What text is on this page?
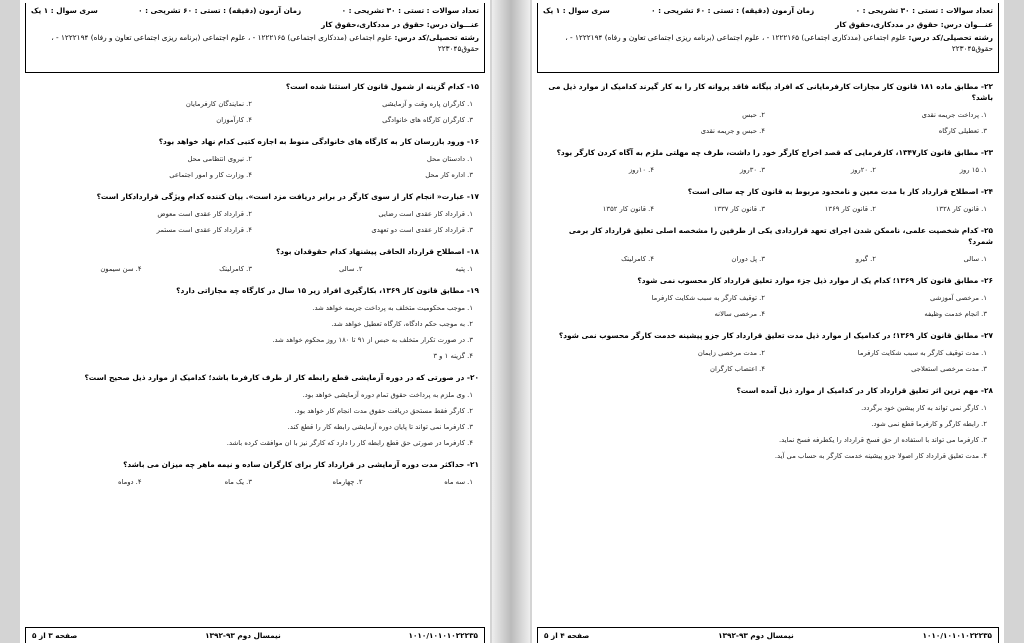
تعداد سوالات : تستی : ۳۰ تشریحی : ۰
زمان آزمون (دقیقه) : تستی : ۶۰ تشریحی : ۰
سری سوال : ۱ یک
عنـــوان درس: حقوق در مددکاری،حقوق کار
رشته تحصیلی/کد درس: علوم اجتماعی (مددکاری اجتماعی) ۱۲۲۲۱۶۵ - ، علوم اجتماعی (برنامه ریزی اجتماعی تعاون و رفاه) ۱۲۲۲۱۹۴ - ،
حقوق۲۲۳۰۴۵
۱۵- کدام گزینه از شمول قانون کار استثنا شده است؟
۱. کارگران پاره وقت و آزمایشی
۲. نمایندگان کارفرمایان
۳. کارگران کارگاه های خانوادگی
۴. کارآموزان
۱۶- ورود بازرسان کار به کارگاه های خانوادگی منوط به اجازه کتبی کدام نهاد خواهد بود؟
۱. دادستان محل
۲. نیروی انتظامی محل
۳. اداره کار محل
۴. وزارت کار و امور اجتماعی
۱۷- عبارت« انجام کار از سوی کارگر در برابر دریافت مزد است». بیان کننده کدام ویژگی قراردادکار است؟
۱. قرارداد کار عقدی است رضایی
۲. قرارداد کار عقدی است معوض
۳. قرارداد کار عقدی است دو تعهدی
۴. قرارداد کار عقدی است مستمر
۱۸- اصطلاح قرارداد الحاقی پیشنهاد کدام حقوقدان بود؟
۱. پتیه
۲. سالی
۳. کامرلینک
۴. سن سیمون
۱۹- مطابق قانون کار ۱۳۶۹، بکارگیری افراد زیر ۱۵ سال در کارگاه چه مجازاتی دارد؟
۱. موجب محکومیت متخلف به پرداخت جریمه خواهد شد.
۲. به موجب حکم دادگاه، کارگاه تعطیل خواهد شد.
۳. در صورت تکرار متخلف به حبس از ۹۱ تا ۱۸۰ روز محکوم خواهد شد.
۴. گزینه ۱ و ۳
۲۰- در صورتی که در دوره آزمایشی قطع رابطه کار از طرف کارفرما باشد؛ کدامیک از موارد ذیل صحیح است؟
۱. وی ملزم به پرداخت حقوق تمام دوره آزمایشی خواهد بود.
۲. کارگر فقط مستحق دریافت حقوق مدت انجام کار خواهد بود.
۳. کارفرما نمی تواند تا پایان دوره آزمایشی رابطه کار را قطع کند.
۴. کارفرما در صورتی حق قطع رابطه کار را دارد که کارگر نیز با ان موافقت کرده باشد.
۲۱- حداکثر مدت دوره آزمایشی در قرارداد کار برای کارگران ساده و نیمه ماهر چه میزان می باشد؟
۱. سه ماه
۲. چهارماه
۳. یک ماه
۴. دوماه
۱۰۱۰/۱۰۱۰۱۰۲۲۲۳۵
نیمسال دوم ۹۳-۱۳۹۲
صفحه ۳ از ۵
تعداد سوالات : تستی : ۳۰ تشریحی : ۰
زمان آزمون (دقیقه) : تستی : ۶۰ تشریحی : ۰
سری سوال : ۱ یک
عنـــوان درس: حقوق در مددکاری،حقوق کار
رشته تحصیلی/کد درس: علوم اجتماعی (مددکاری اجتماعی) ۱۲۲۲۱۶۵ - ، علوم اجتماعی (برنامه ریزی اجتماعی تعاون و رفاه) ۱۲۲۲۱۹۴ - ،
حقوق۲۲۳۰۴۵
۲۲- مطابق ماده ۱۸۱ قانون کار مجازات کارفرمایانی که افراد بیگانه فاقد پروانه کار را به کار گیرند کدامیک از موارد ذیل می باشد؟
۱. پرداخت جریمه نقدی
۲. حبس
۳. تعطیلی کارگاه
۴. حبس و جریمه نقدی
۲۳- مطابق قانون کار۱۳۴۷، کارفرمایی که قصد اخراج کارگر خود را داشت، طرف چه مهلتی ملزم به آگاه کردن کارگر بود؟
۱. ۱۵ روز
۲. ۲۰روز
۳. ۳۰روز
۴. ۱۰روز
۲۴- اصطلاح قرارداد کار با مدت معین و نامحدود مربوط به قانون کار چه سالی است؟
۱. قانون کار ۱۳۲۸
۲. قانون کار ۱۳۶۹
۳. قانون کار ۱۳۳۷
۴. قانون کار ۱۳۵۲
۲۵- کدام شخصیت علمی، ناممکن شدن اجرای تعهد قراردادی یکی از طرفین را مشخصه اصلی تعلیق قرارداد کار برمی شمرد؟
۱. سالی
۲. گیرو
۳. پل دوران
۴. کامرلینک
۲۶- مطابق قانون کار ۱۳۶۹؛ کدام یک از موارد ذیل جزء موارد تعلیق قرارداد کار محسوب نمی شود؟
۱. مرخصی آموزشی
۲. توقیف کارگر به سبب شکایت کارفرما
۳. انجام خدمت وظیفه
۴. مرخصی سالانه
۲۷- مطابق قانون کار ۱۳۶۹؛ در کدامیک از موارد ذیل مدت تعلیق قرارداد کار جزو پیشینه خدمت کارگر محسوب نمی شود؟
۱. مدت توقیف کارگر به سبب شکایت کارفرما
۲. مدت مرخصی زایمان
۳. مدت مرخصی استعلاجی
۴. اعتصاب کارگران
۲۸- مهم ترین اثر تعلیق قرارداد کار در کدامیک از موارد ذیل آمده است؟
۱. کارگر نمی تواند به کار پیشین خود برگردد.
۲. رابطه کارگر و کارفرما قطع نمی شود.
۳. کارفرما می تواند با استفاده از حق فسخ قرارداد را یکطرفه فسخ نماید.
۴. مدت تعلیق قرارداد کار اصولا جزو پیشینه خدمت کارگر به حساب می آید.
۱۰۱۰/۱۰۱۰۱۰۲۲۲۳۵
نیمسال دوم ۹۳-۱۳۹۲
صفحه ۴ از ۵
